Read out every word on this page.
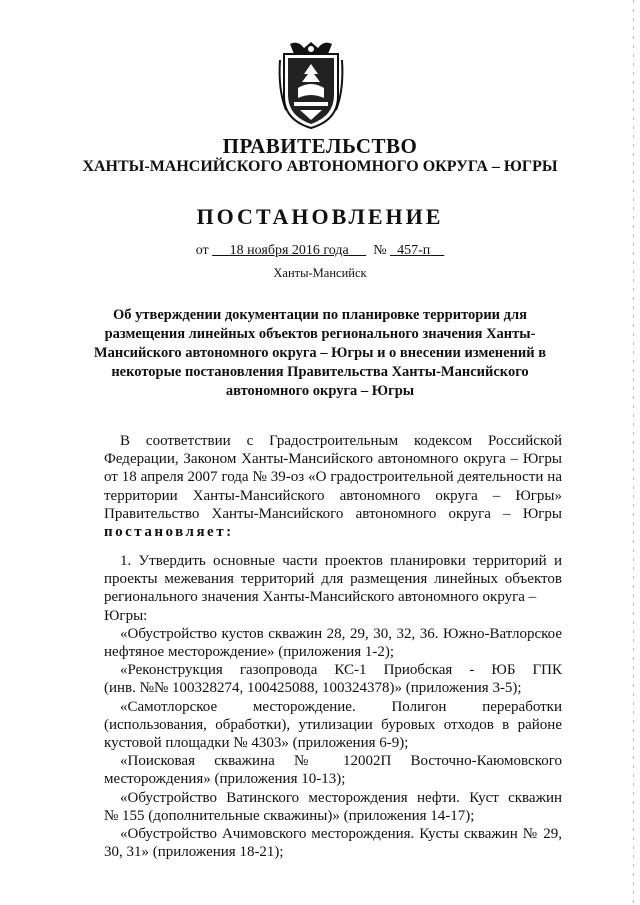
ПРАВИТЕЛЬСТВО
ХАНТЫ-МАНСИЙСКОГО АВТОНОМНОГО ОКРУГА – ЮГРЫ
ПОСТАНОВЛЕНИЕ
от 18 ноября 2016 года № 457-п
Ханты-Мансийск
Об утверждении документации по планировке территории для
размещения линейных объектов регионального значения Ханты-
Мансийского автономного округа – Югры и о внесении изменений в
некоторые постановления Правительства Ханты-Мансийского
автономного округа – Югры
В соответствии с Градостроительным кодексом Российской
Федерации, Законом Ханты-Мансийского автономного округа – Югры
от 18 апреля 2007 года № 39-оз «О градостроительной деятельности на
территории Ханты-Мансийского автономного округа – Югры»
Правительство Ханты-Мансийского автономного округа – Югры
постановляет:
1. Утвердить основные части проектов планировки территорий и
проекты межевания территорий для размещения линейных объектов
регионального значения Ханты-Мансийского автономного округа – Югры:
«Обустройство кустов скважин 28, 29, 30, 32, 36. Южно-Ватлорское
нефтяное месторождение» (приложения 1-2);
«Реконструкция газопровода КС-1 Приобская - ЮБ ГПК
(инв. №№ 100328274, 100425088, 100324378)» (приложения 3-5);
«Самотлорское месторождение. Полигон переработки
(использования, обработки), утилизации буровых отходов в районе
кустовой площадки № 4303» (приложения 6-9);
«Поисковая скважина № 12002П Восточно-Каюмовского
месторождения» (приложения 10-13);
«Обустройство Ватинского месторождения нефти. Куст скважин
№ 155 (дополнительные скважины)» (приложения 14-17);
«Обустройство Ачимовского месторождения. Кусты скважин № 29,
30, 31» (приложения 18-21);
